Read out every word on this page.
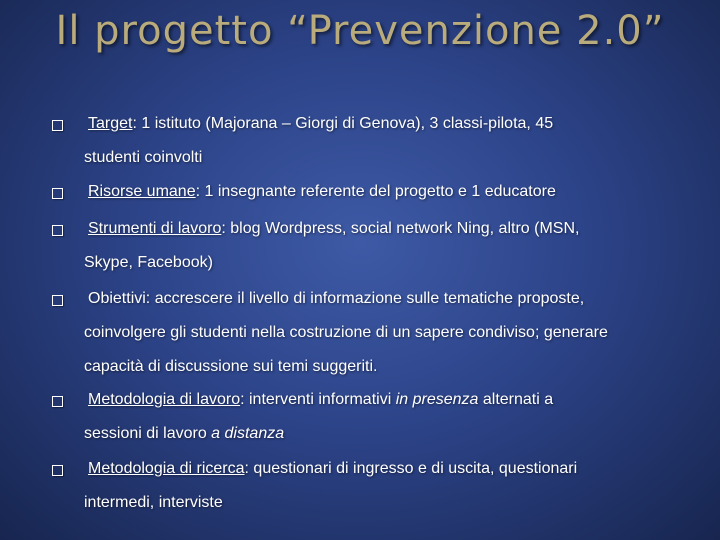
Il progetto “Prevenzione 2.0”
Target: 1 istituto (Majorana – Giorgi di Genova), 3 classi-pilota, 45
studenti coinvolti
Risorse umane: 1 insegnante referente del progetto e 1 educatore
Strumenti di lavoro: blog Wordpress, social network Ning, altro (MSN,
Skype, Facebook)
Obiettivi: accrescere il livello di informazione sulle tematiche proposte,
coinvolgere gli studenti nella costruzione di un sapere condiviso; generare
capacità di discussione sui temi suggeriti.
Metodologia di lavoro: interventi informativi in presenza alternati a
sessioni di lavoro a distanza
Metodologia di ricerca: questionari di ingresso e di uscita, questionari
intermedi, interviste
